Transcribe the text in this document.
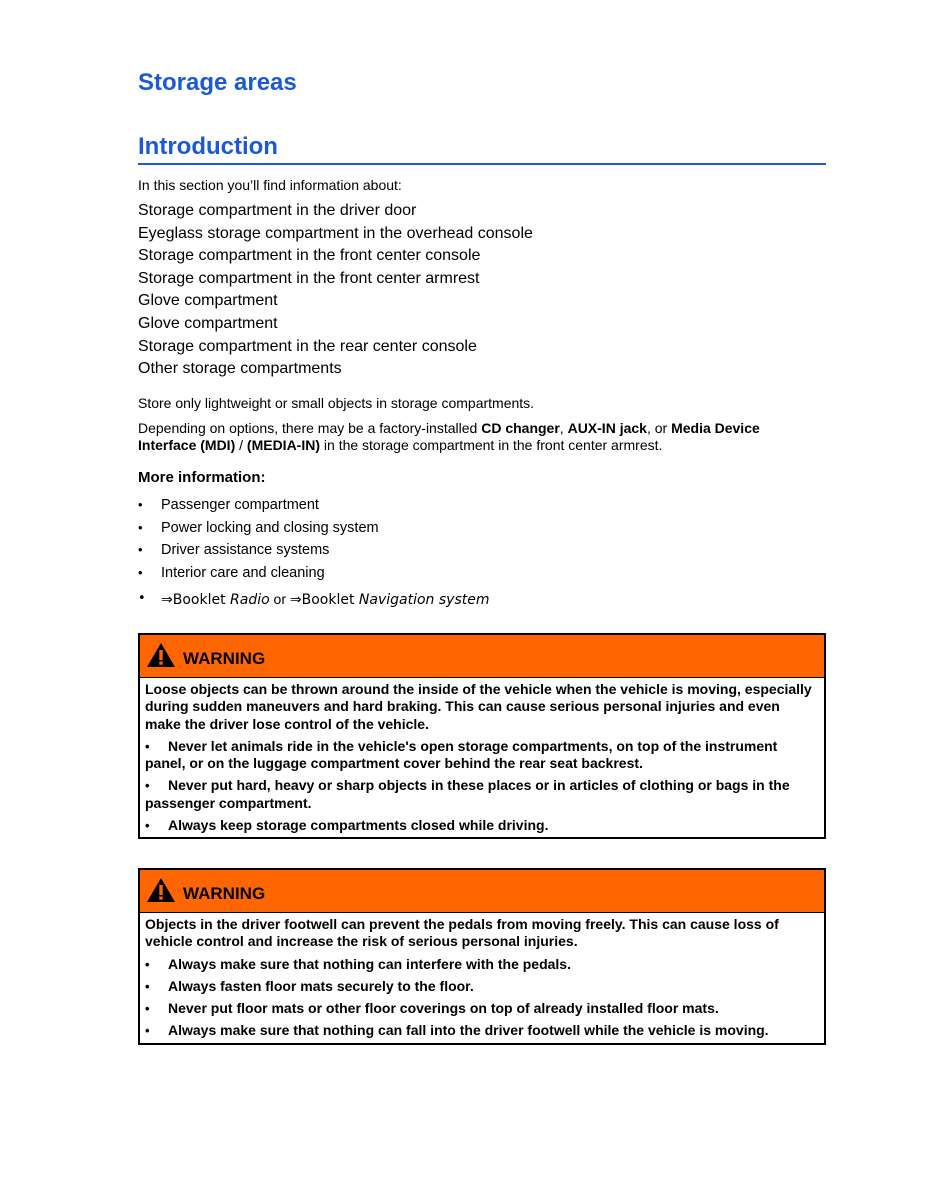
Storage areas
Introduction

In this section you’ll find information about:

Storage compartment in the driver door
Eyeglass storage compartment in the overhead console
Storage compartment in the front center console
Storage compartment in the front center armrest
Glove compartment
Glove compartment
Storage compartment in the rear center console
Other storage compartments

Store only lightweight or small objects in storage compartments.

Depending on options, there may be a factory-installed CD changer, AUX-IN jack, or Media Device Interface (MDI) / (MEDIA-IN) in the storage compartment in the front center armrest.

More information:
• Passenger compartment
• Power locking and closing system
• Driver assistance systems
• Interior care and cleaning
• ⇒Booklet Radio or ⇒Booklet Navigation system
WARNING

Loose objects can be thrown around the inside of the vehicle when the vehicle is moving, especially during sudden maneuvers and hard braking. This can cause serious personal injuries and even make the driver lose control of the vehicle.

• Never let animals ride in the vehicle's open storage compartments, on top of the instrument panel, or on the luggage compartment cover behind the rear seat backrest.
• Never put hard, heavy or sharp objects in these places or in articles of clothing or bags in the passenger compartment.
• Always keep storage compartments closed while driving.
WARNING

Objects in the driver footwell can prevent the pedals from moving freely. This can cause loss of vehicle control and increase the risk of serious personal injuries.

• Always make sure that nothing can interfere with the pedals.
• Always fasten floor mats securely to the floor.
• Never put floor mats or other floor coverings on top of already installed floor mats.
• Always make sure that nothing can fall into the driver footwell while the vehicle is moving.
